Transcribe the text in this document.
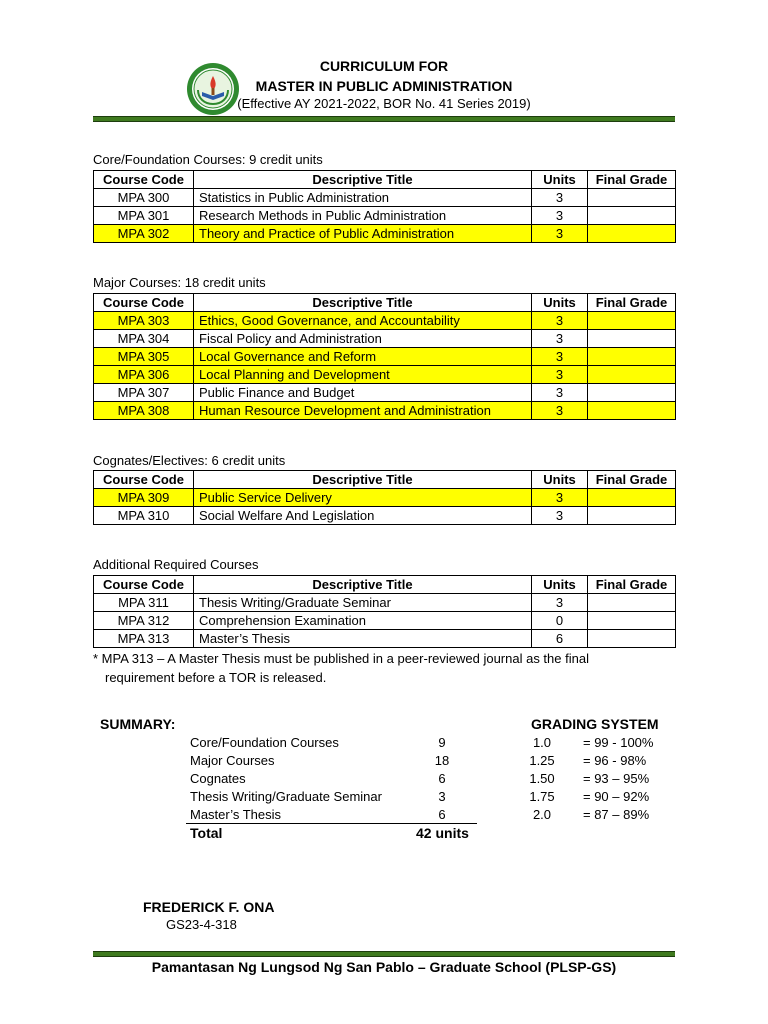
CURRICULUM FOR
MASTER IN PUBLIC ADMINISTRATION
(Effective AY 2021-2022, BOR No. 41 Series 2019)
Core/Foundation Courses: 9 credit units
Course Code	Descriptive Title	Units	Final Grade
MPA 300	Statistics in Public Administration	3	
MPA 301	Research Methods in Public Administration	3	
MPA 302	Theory and Practice of Public Administration	3	
Major Courses: 18 credit units
Course Code	Descriptive Title	Units	Final Grade
MPA 303	Ethics, Good Governance, and Accountability	3	
MPA 304	Fiscal Policy and Administration	3	
MPA 305	Local Governance and Reform	3	
MPA 306	Local Planning and Development	3	
MPA 307	Public Finance and Budget	3	
MPA 308	Human Resource Development and Administration	3	
Cognates/Electives: 6 credit units
Course Code	Descriptive Title	Units	Final Grade
MPA 309	Public Service Delivery	3	
MPA 310	Social Welfare And Legislation	3	
Additional Required Courses
Course Code	Descriptive Title	Units	Final Grade
MPA 311	Thesis Writing/Graduate Seminar	3	
MPA 312	Comprehension Examination	0	
MPA 313	Master’s Thesis	6	
* MPA 313 – A Master Thesis must be published in a peer-reviewed journal as the final
requirement before a TOR is released.
SUMMARY:
Core/Foundation Courses	9
Major Courses	18
Cognates	6
Thesis Writing/Graduate Seminar	3
Master’s Thesis	6
Total	42 units
GRADING SYSTEM
1.0	= 99 - 100%
1.25	= 96 - 98%
1.50	= 93 – 95%
1.75	= 90 – 92%
2.0	= 87 – 89%
FREDERICK F. ONA
GS23-4-318
Pamantasan Ng Lungsod Ng San Pablo – Graduate School (PLSP-GS)
